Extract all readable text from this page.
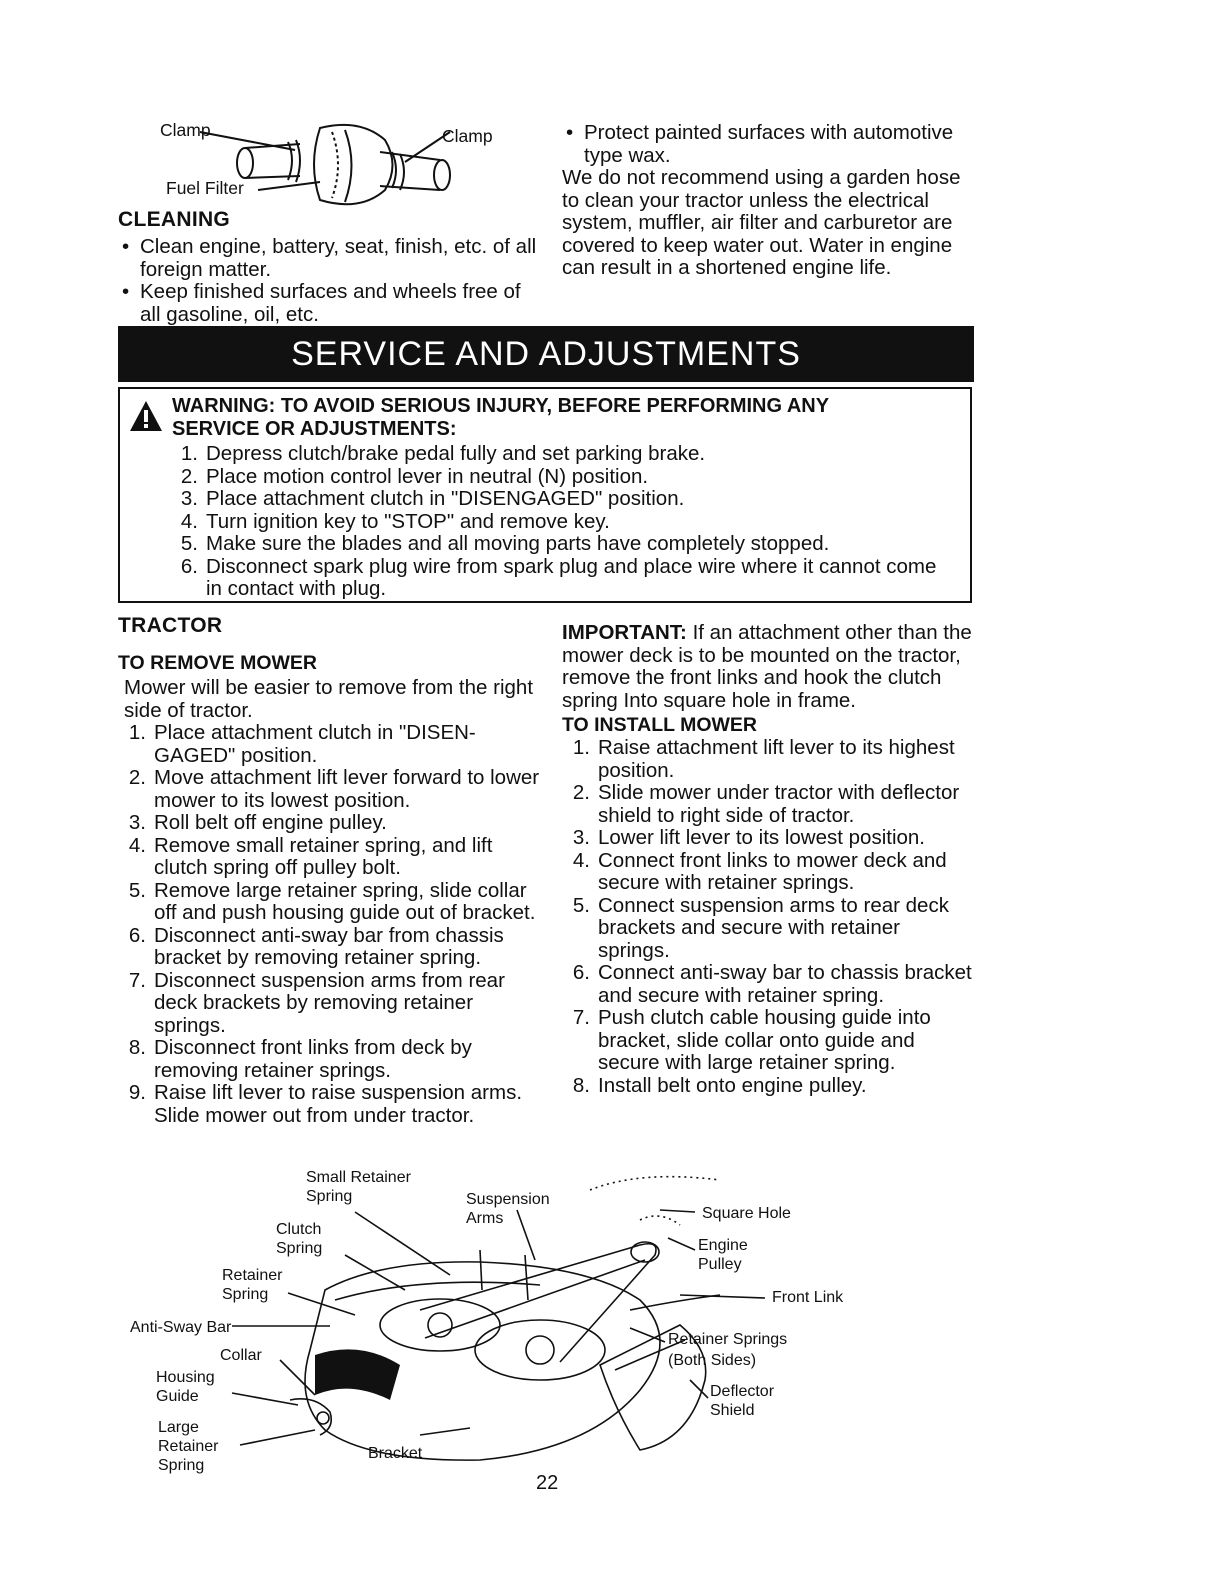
Clamp	Clamp
Fuel Filter
CLEANING
• Clean engine, battery, seat, finish, etc. of all foreign matter.
• Keep finished surfaces and wheels free of all gasoline, oil, etc.
• Protect painted surfaces with automotive type wax.

We do not recommend using a garden hose to clean your tractor unless the electrical system, muffler, air filter and carburetor are covered to keep water out. Water in engine can result in a shortened engine life.

SERVICE AND ADJUSTMENTS
WARNING: TO AVOID SERIOUS INJURY, BEFORE PERFORMING ANY
SERVICE OR ADJUSTMENTS:
1. Depress clutch/brake pedal fully and set parking brake.
2. Place motion control lever in neutral (N) position.
3. Place attachment clutch in "DISENGAGED" position.
4. Turn ignition key to "STOP" and remove key.
5. Make sure the blades and all moving parts have completely stopped.
6. Disconnect spark plug wire from spark plug and place wire where it cannot come in contact with plug.
TRACTOR
TO REMOVE MOWER

Mower will be easier to remove from the right side of tractor.

1. Place attachment clutch in "DISEN-GAGED" position.
2. Move attachment lift lever forward to lower mower to its lowest position.
3. Roll belt off engine pulley.
4. Remove small retainer spring, and lift clutch spring off pulley bolt.
5. Remove large retainer spring, slide collar off and push housing guide out of bracket.
6. Disconnect anti-sway bar from chassis bracket by removing retainer spring.
7. Disconnect suspension arms from rear deck brackets by removing retainer springs.
8. Disconnect front links from deck by removing retainer springs.
9. Raise lift lever to raise suspension arms. Slide mower out from under tractor.

IMPORTANT: If an attachment other than the mower deck is to be mounted on the tractor, remove the front links and hook the clutch spring Into square hole in frame.

TO INSTALL MOWER
1. Raise attachment lift lever to its highest position.
2. Slide mower under tractor with deflector shield to right side of tractor.
3. Lower lift lever to its lowest position.
4. Connect front links to mower deck and secure with retainer springs.
5. Connect suspension arms to rear deck brackets and secure with retainer springs.
6. Connect anti-sway bar to chassis bracket and secure with retainer spring.
7. Push clutch cable housing guide into bracket, slide collar onto guide and secure with large retainer spring.
8. Install belt onto engine pulley.
Small Retainer Spring
Clutch Spring
Retainer Spring
Anti-Sway Bar
Collar
Housing Guide
Large Retainer Spring
Bracket
Suspension Arms	Square Hole
Engine Pulley
Front Link
Retainer Springs
(Both Sides)
Deflector Shield
22
